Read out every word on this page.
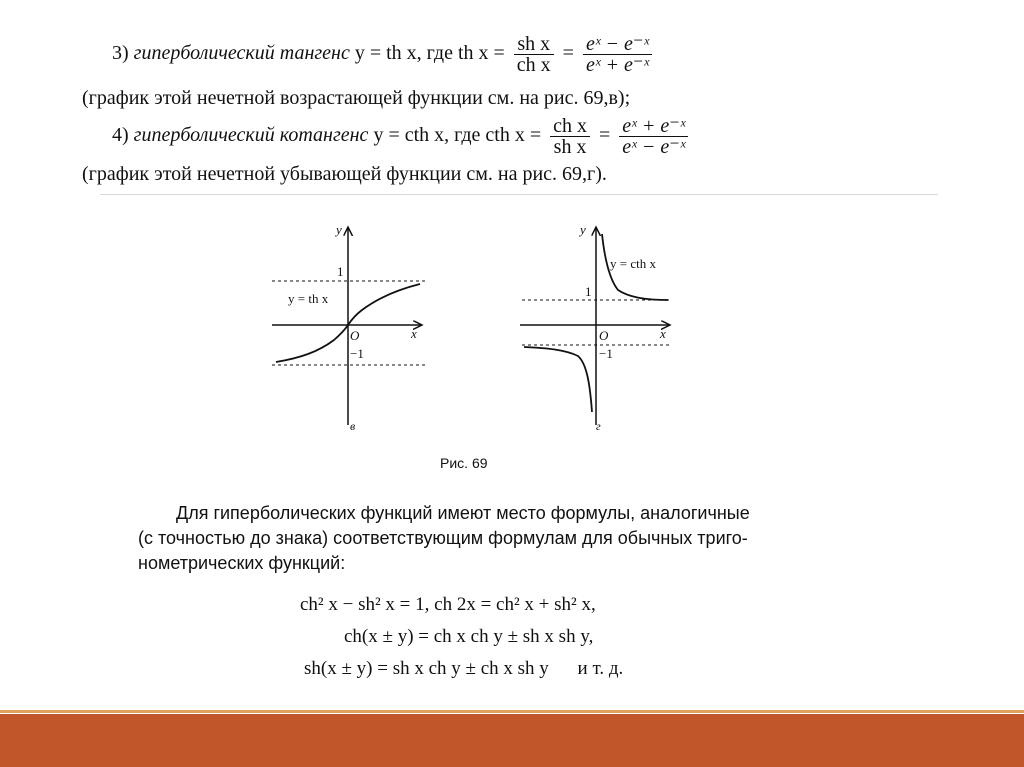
3) гиперболический тангенс y = th x, где th $x = \frac{\text{sh x}}{\text{ch x}} = \frac{\text{eˣ − e⁻ˣ}}{\text{eˣ + e⁻ˣ}}$
(график этой нечетной возрастающей функции см. на рис. 69,в);
4) гиперболический котангенс y = cth x, где cth $x = \frac{\text{ch x}}{\text{sh x}} = \frac{\text{eˣ + e⁻ˣ}}{\text{eˣ − e⁻ˣ}}$
(график этой нечетной убывающей функции см. на рис. 69,г).
y
x
O
1
−1
y = th x
в
y
x
O
1
−1
y = cth x
г
Рис. 69
Для гиперболических функций имеют место формулы, аналогичные
(с точностью до знака) соответствующим формулам для обычных триго-
нометрических функций:
ch² x − sh² x = 1, ch 2x = ch² x + sh² x,
ch(x ± y) = ch x ch y ± sh x sh y,
sh(x ± y) = sh x ch y ± ch x sh y и т. д.
